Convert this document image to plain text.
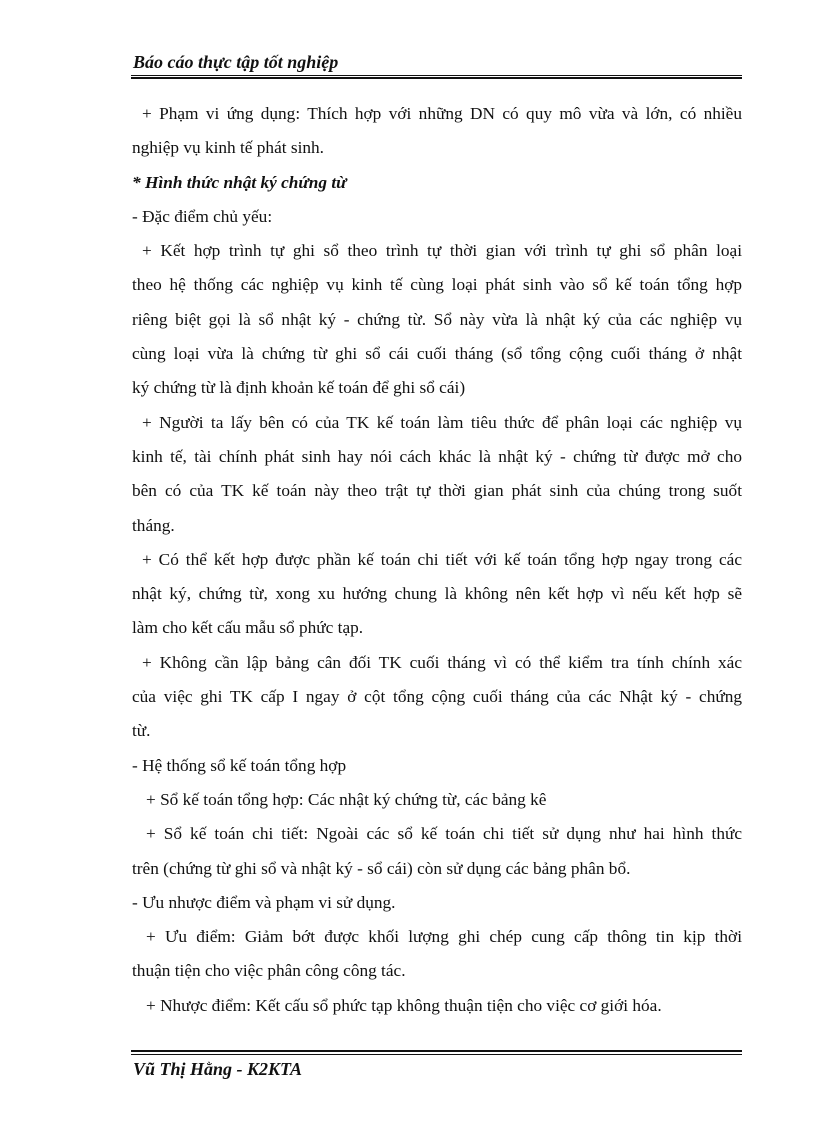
Báo cáo thực tập tốt nghiệp
+ Phạm vi ứng dụng: Thích hợp với những DN có quy mô vừa và lớn, có nhiều
nghiệp vụ kinh tế phát sinh.
* Hình thức nhật ký chứng từ
- Đặc điểm chủ yếu:
+ Kết hợp trình tự ghi sổ theo trình tự thời gian với trình tự ghi sổ phân loại
theo hệ thống các nghiệp vụ kinh tế cùng loại phát sinh vào sổ kế toán tổng hợp
riêng biệt gọi là sổ nhật ký - chứng từ. Sổ này vừa là nhật ký của các nghiệp vụ
cùng loại vừa là chứng từ ghi sổ cái cuối tháng (sổ tổng cộng cuối tháng ở nhật
ký chứng từ là định khoản kế toán để ghi sổ cái)
+ Người ta lấy bên có của TK kế toán làm tiêu thức để phân loại các nghiệp vụ
kinh tế, tài chính phát sinh hay nói cách khác là nhật ký - chứng từ được mở cho
bên có của TK kế toán này theo trật tự thời gian phát sinh của chúng trong suốt
tháng.
+ Có thể kết hợp được phần kế toán chi tiết với kế toán tổng hợp ngay trong các
nhật ký, chứng từ, xong xu hướng chung là không nên kết hợp vì nếu kết hợp sẽ
làm cho kết cấu mẫu sổ phức tạp.
+ Không cần lập bảng cân đối TK cuối tháng vì có thể kiểm tra tính chính xác
của việc ghi TK cấp I ngay ở cột tổng cộng cuối tháng của các Nhật ký - chứng
từ.
- Hệ thống sổ kế toán tổng hợp
+ Sổ kế toán tổng hợp: Các nhật ký chứng từ, các bảng kê
+ Sổ kế toán chi tiết: Ngoài các sổ kế toán chi tiết sử dụng như hai hình thức
trên (chứng từ ghi sổ và nhật ký - sổ cái) còn sử dụng các bảng phân bổ.
- Ưu nhược điểm và phạm vi sử dụng.
+ Ưu điểm: Giảm bớt được khối lượng ghi chép cung cấp thông tin kịp thời
thuận tiện cho việc phân công công tác.
+ Nhược điểm: Kết cấu sổ phức tạp không thuận tiện cho việc cơ giới hóa.
Vũ Thị Hằng - K2KTA
